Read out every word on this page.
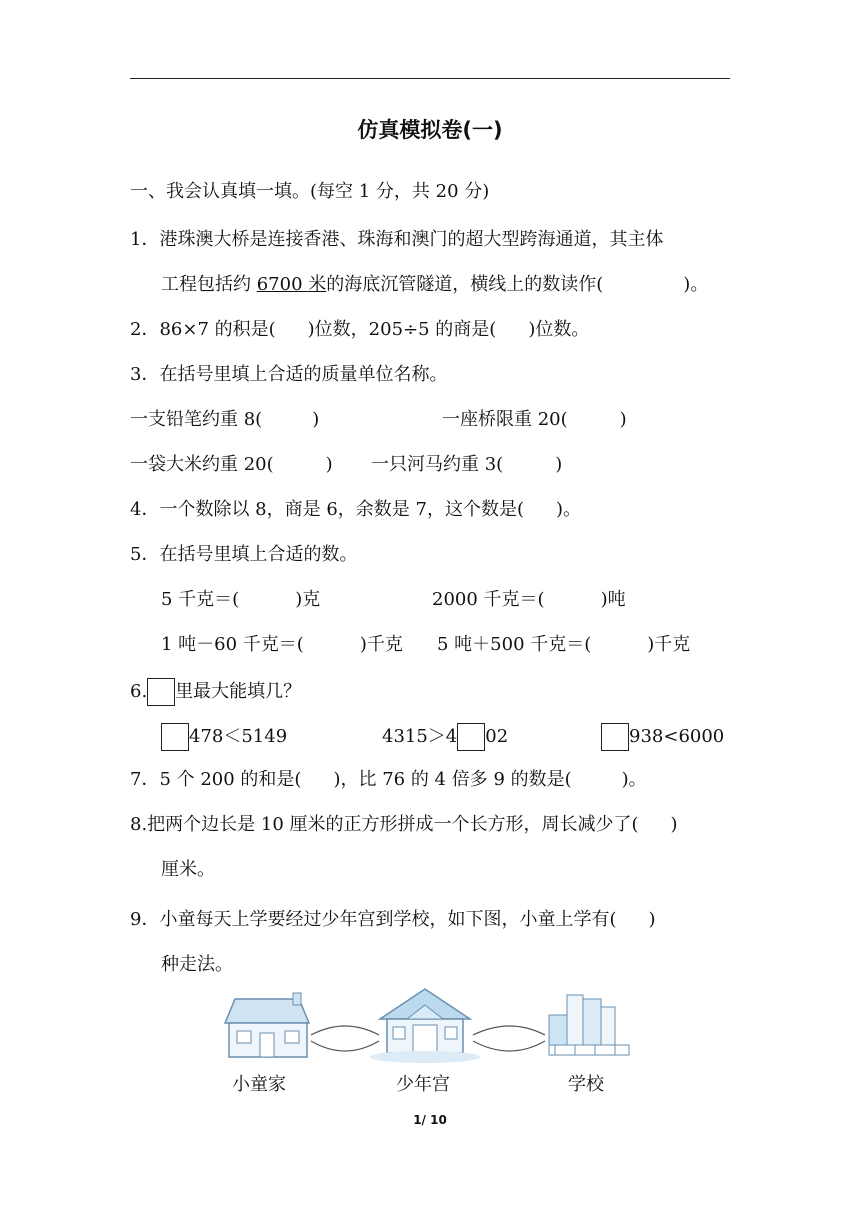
仿真模拟卷(一)
一、我会认真填一填。(每空 1 分，共 20 分)
1．港珠澳大桥是连接香港、珠海和澳门的超大型跨海通道，其主体
工程包括约 6700 米的海底沉管隧道，横线上的数读作(	)。
2．86×7 的积是( )位数，205÷5 的商是( )位数。
3．在括号里填上合适的质量单位名称。
一支铅笔约重 8(	)	一座桥限重 20(	)
一袋大米约重 20(	) 一只河马约重 3(	)
4．一个数除以 8，商是 6，余数是 7，这个数是( )。
5．在括号里填上合适的数。
5 千克＝(	)克	2000 千克＝(	)吨
1 吨－60 千克＝(	)千克 5 吨＋500 千克＝(	)千克
6. 里最大能填几？
478＜5149	4315＞4 02	938<6000
7．5 个 200 的和是( )，比 76 的 4 倍多 9 的数是(	)。
8.把两个边长是 10 厘米的正方形拼成一个长方形，周长减少了( )
厘米。
9．小童每天上学要经过少年宫到学校，如下图，小童上学有( )
种走法。
小童家	少年宫	学校
1/ 10
